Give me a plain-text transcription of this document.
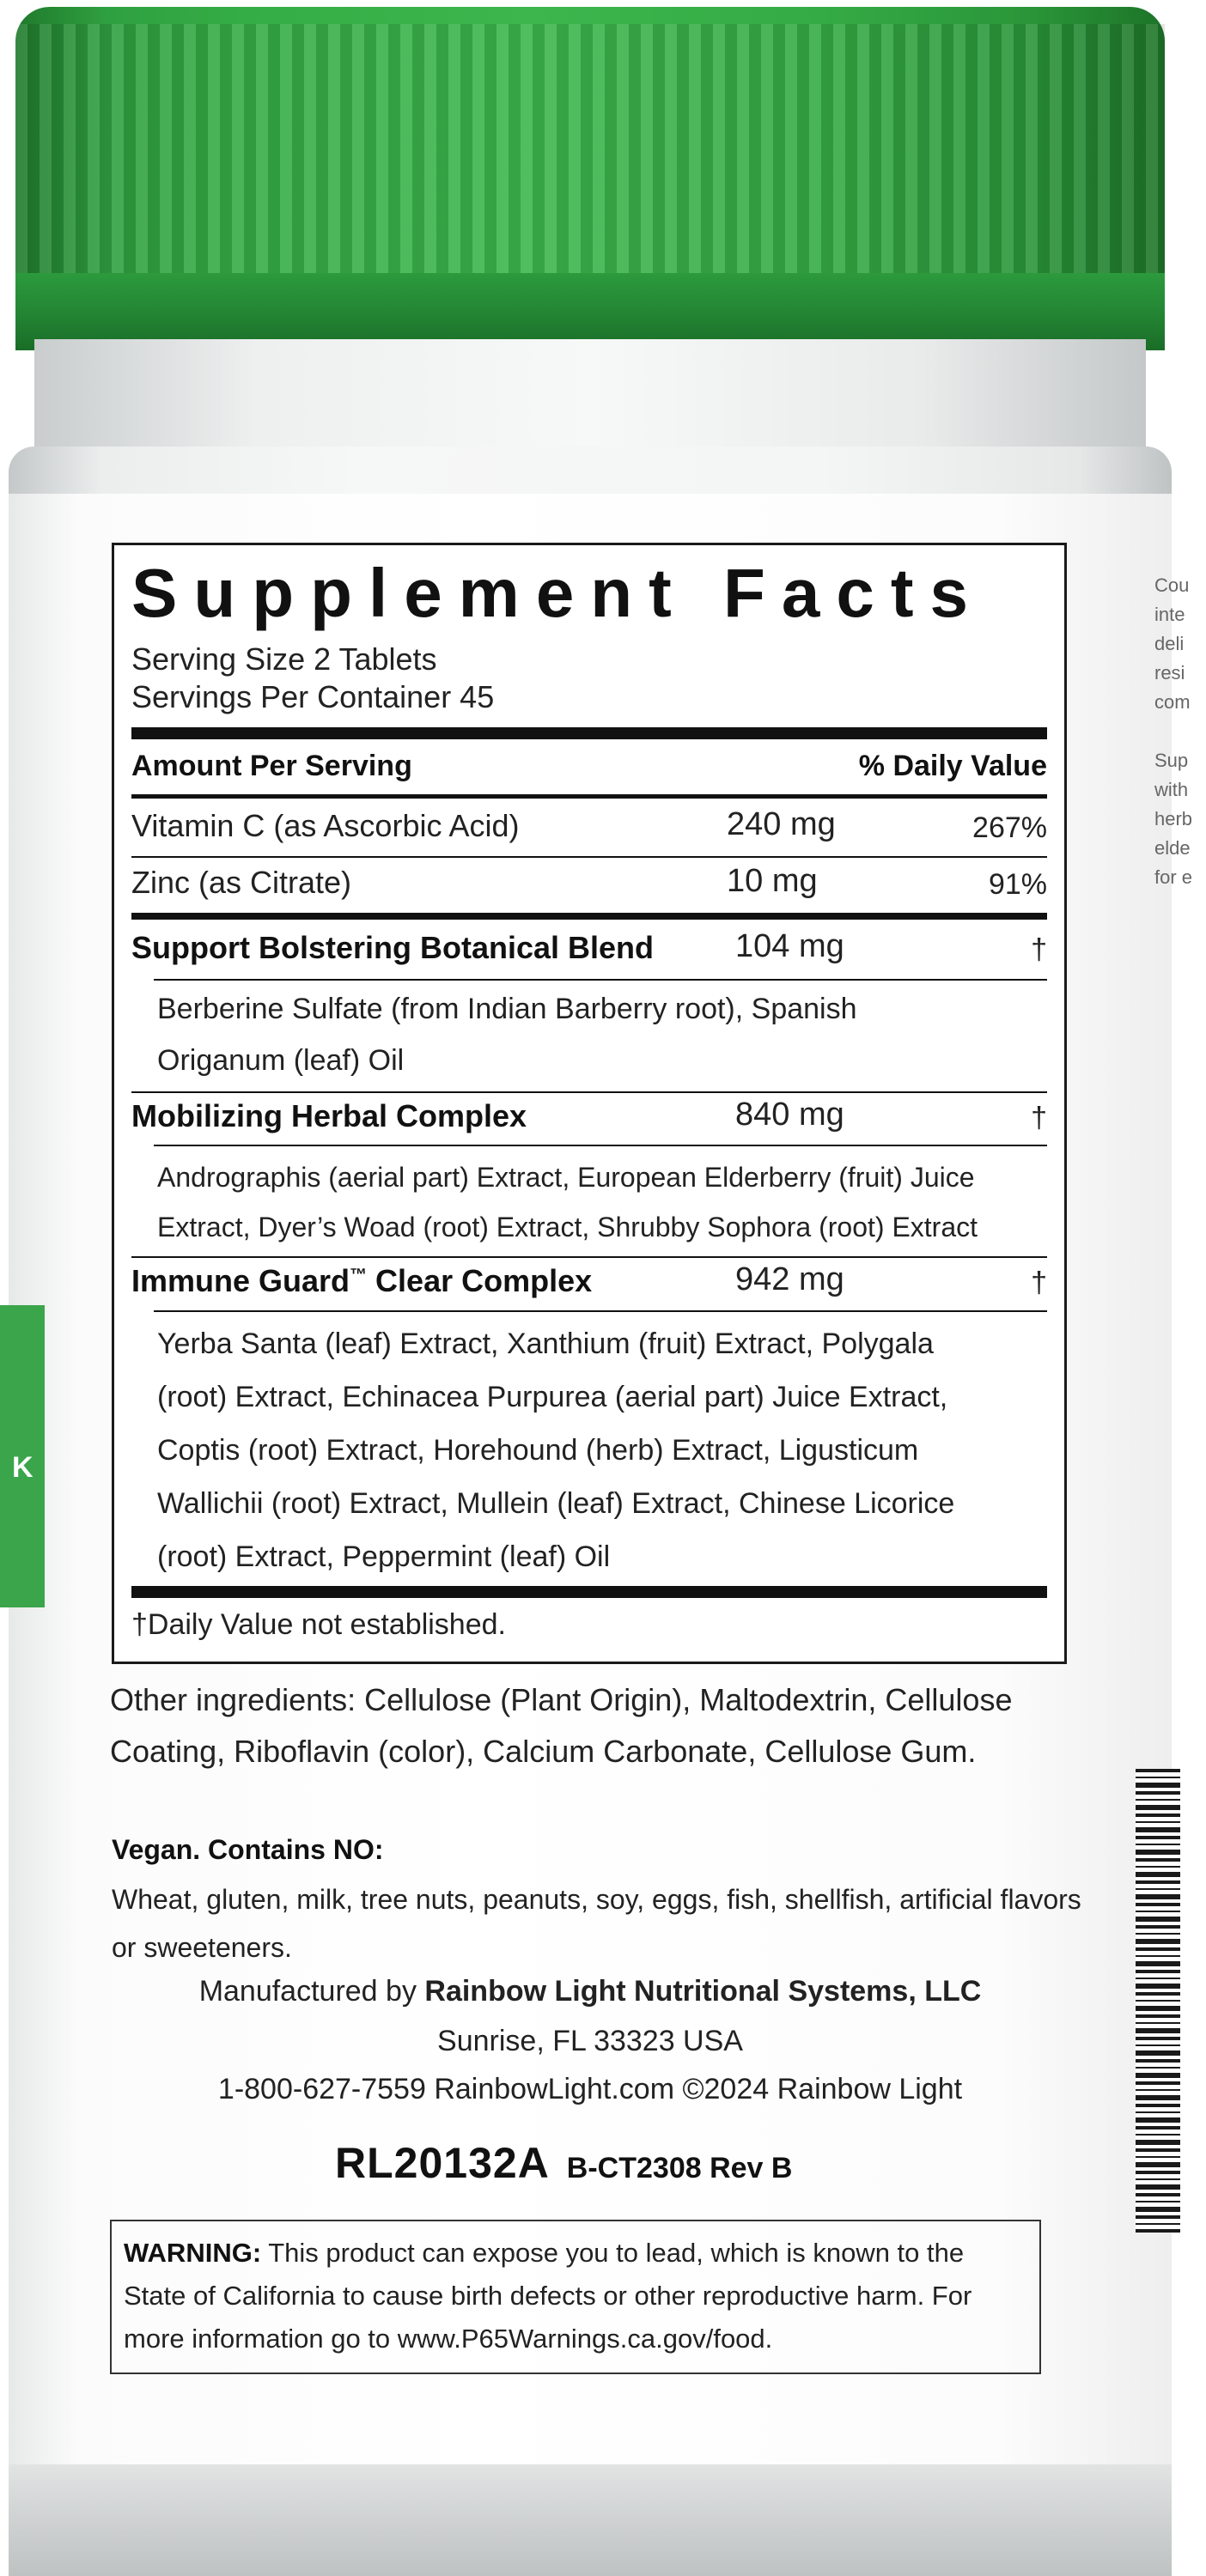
K
Cou
inte
deli
resi
com

Sup
with
herb
elde
for e
Supplement Facts
Serving Size 2 Tablets
Servings Per Container 45
Amount Per Serving	% Daily Value
Vitamin C (as Ascorbic Acid)	240 mg	267%
Zinc (as Citrate)	10 mg	91%
Support Bolstering Botanical Blend 104 mg	†
Berberine Sulfate (from Indian Barberry root), Spanish
Origanum (leaf) Oil
Mobilizing Herbal Complex	840 mg	†
Andrographis (aerial part) Extract, European Elderberry (fruit) Juice
Extract, Dyer’s Woad (root) Extract, Shrubby Sophora (root) Extract
Immune Guard™ Clear Complex	942 mg	†
Yerba Santa (leaf) Extract, Xanthium (fruit) Extract, Polygala
(root) Extract, Echinacea Purpurea (aerial part) Juice Extract,
Coptis (root) Extract, Horehound (herb) Extract, Ligusticum
Wallichii (root) Extract, Mullein (leaf) Extract, Chinese Licorice
(root) Extract, Peppermint (leaf) Oil
†Daily Value not established.
Other ingredients: Cellulose (Plant Origin), Maltodextrin, Cellulose Coating, Riboflavin (color), Calcium Carbonate, Cellulose Gum.
Vegan. Contains NO:
Wheat, gluten, milk, tree nuts, peanuts, soy, eggs, fish, shellfish, artificial flavors or sweeteners.
Manufactured by Rainbow Light Nutritional Systems, LLC
Sunrise, FL 33323 USA
1-800-627-7559 RainbowLight.com ©2024 Rainbow Light
RL20132A B-CT2308 Rev B
WARNING: This product can expose you to lead, which is known to the State of California to cause birth defects or other reproductive harm. For more information go to www.P65Warnings.ca.gov/food.
